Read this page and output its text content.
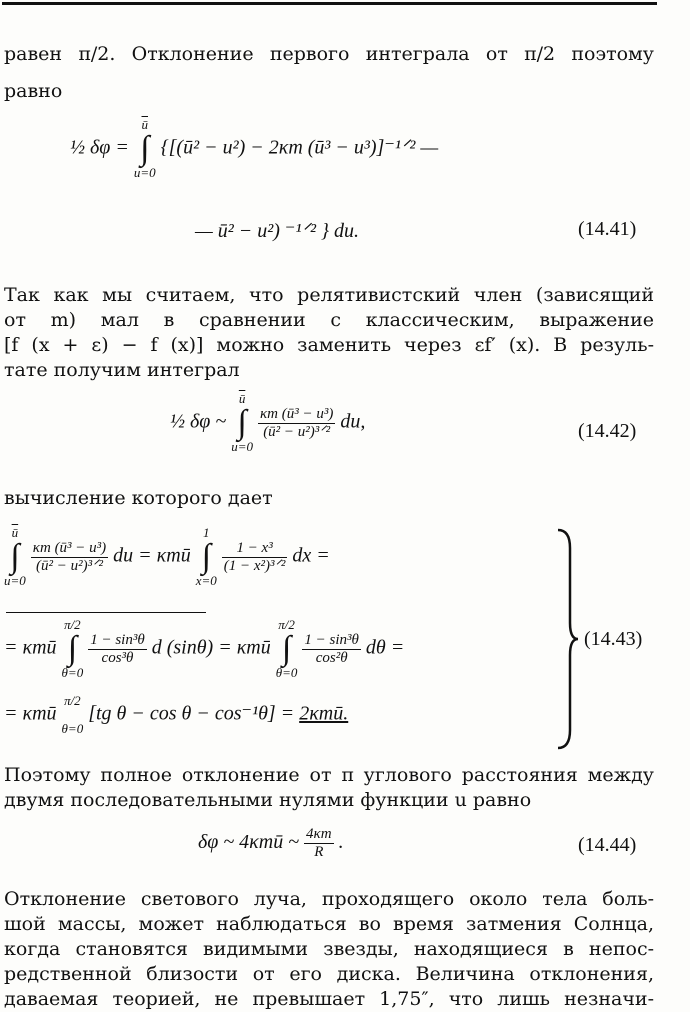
равен π/2. Отклонение первого интеграла от π/2 поэтому
равно
½ $\delta\varphi = \overline{ū}$
∫
u=0 {[(ū² − u²) − 2κm (ū³ − u³)]⁻¹ᐟ² —
— ū² − u²) ⁻¹ᐟ² } du.	(14.41)
Так как мы считаем, что релятивистский член (зависящий
от m) мал в сравнении с классическим, выражение
[f (x + ε) − f (x)] можно заменить через εf′ (x). В резуль-
тате получим интеграл
½ δφ ~ $\overline{ū}$
∫
u=0
$\frac{\text{κm (ū³ − u³)}}{\text{(ū² − u²)³ᐟ²}}$ du,	(14.42)
вычисление которого дает
$\overline{ū}$
∫
u=0
$\frac{\text{κm (ū³ − u³)}}{\text{(ū² − u²)³ᐟ²}}$ du = κmū 1
∫
x=0
$\frac{\text{1 − x³}}{\text{(1 − x²)³ᐟ²}}$ dx =
= κmū π/2
∫
θ=0
$\frac{\text{1 − sin³θ}}{\text{cos³θ}}$ d (sinθ) = κmū π/2
∫
θ=0
$\frac{\text{1 − sin³θ}}{\text{cos²θ}}$ dθ =
= κmū π/2
θ=0 [tg θ − cos θ − cos⁻¹θ] = 2κmū.
(14.43)
Поэтому полное отклонение от π углового расстояния между
двумя последовательными нулями функции u равно
δφ ~ 4κmū ~ $\frac{4\kappa m}{R}$ .	(14.44)
Отклонение светового луча, проходящего около тела боль-
шой массы, может наблюдаться во время затмения Солнца,
когда становятся видимыми звезды, находящиеся в непос-
редственной близости от его диска. Величина отклонения,
даваемая теорией, не превышает 1,75″, что лишь незначи-
